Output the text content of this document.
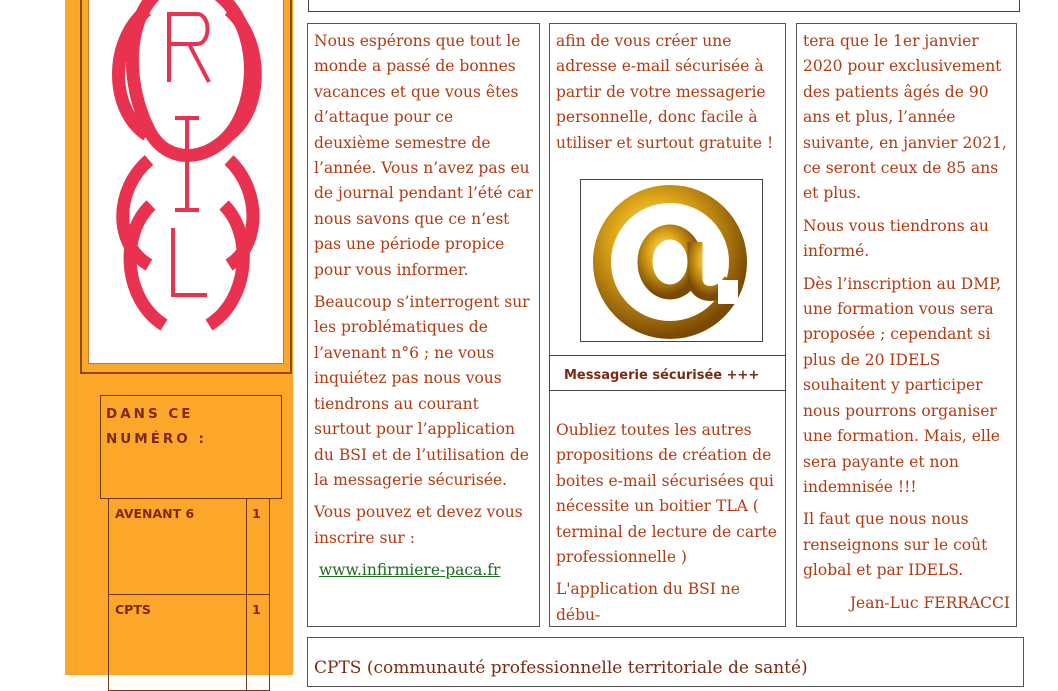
DANS CE NUMÉRO :
AVENANT 6	1
CPTS	1

Nous espérons que tout le monde a passé de bonnes vacances et que vous êtes d’attaque pour ce deuxième semestre de l’année. Vous n’avez pas eu de journal pendant l’été car nous savons que ce n’est pas une période propice pour vous informer.

Beaucoup s’interrogent sur les problématiques de l’avenant n°6 ; ne vous inquiétez pas nous vous tiendrons au courant surtout pour l’application du BSI et de l’utilisation de la messagerie sécurisée.

Vous pouvez et devez vous inscrire sur :

www.infirmiere-paca.fr

afin de vous créer une adresse e-mail sécurisée à partir de votre messagerie personnelle, donc facile à utiliser et surtout gratuite !

Messagerie sécurisée +++

Oubliez toutes les autres propositions de création de boites e-mail sécurisées qui nécessite un boitier TLA ( terminal de lecture de carte professionnelle )

L'application du BSI ne débu-

tera que le 1er janvier 2020 pour exclusivement des patients âgés de 90 ans et plus, l’année suivante, en janvier 2021, ce seront ceux de 85 ans et plus.

Nous vous tiendrons au informé.

Dès l’inscription au DMP, une formation vous sera proposée ; cependant si plus de 20 IDELS souhaitent y participer nous pourrons organiser une formation. Mais, elle sera payante et non indemnisée !!!

Il faut que nous nous renseignons sur le coût global et par IDELS.

Jean-Luc FERRACCI

CPTS (communauté professionnelle territoriale de santé)
